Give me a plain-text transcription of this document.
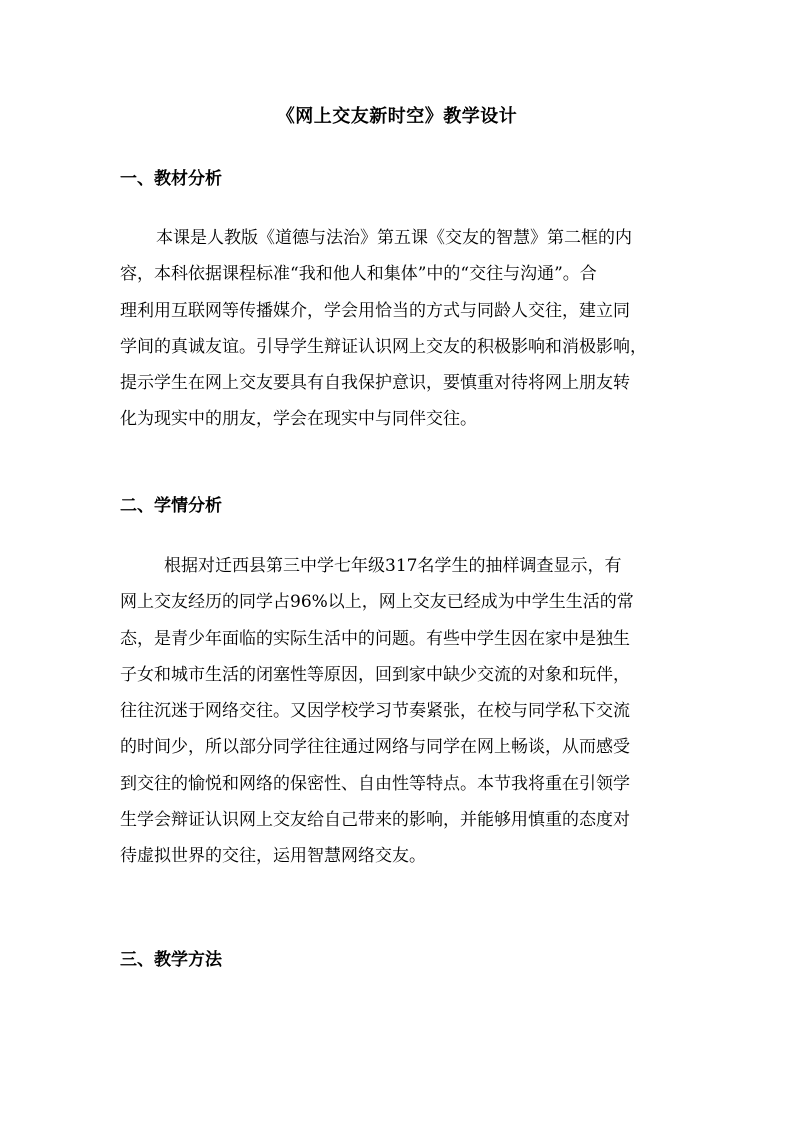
《网上交友新时空》教学设计
一、教材分析
本课是人教版《道德与法治》第五课《交友的智慧》第二框的内
容，本科依据课程标准“我和他人和集体”中的“交往与沟通”。合
理利用互联网等传播媒介，学会用恰当的方式与同龄人交往，建立同
学间的真诚友谊。引导学生辩证认识网上交友的积极影响和消极影响，
提示学生在网上交友要具有自我保护意识，要慎重对待将网上朋友转
化为现实中的朋友，学会在现实中与同伴交往。
二、学情分析
根据对迁西县第三中学七年级317名学生的抽样调查显示，有
网上交友经历的同学占96%以上，网上交友已经成为中学生生活的常
态，是青少年面临的实际生活中的问题。有些中学生因在家中是独生
子女和城市生活的闭塞性等原因，回到家中缺少交流的对象和玩伴，
往往沉迷于网络交往。又因学校学习节奏紧张，在校与同学私下交流
的时间少，所以部分同学往往通过网络与同学在网上畅谈，从而感受
到交往的愉悦和网络的保密性、自由性等特点。本节我将重在引领学
生学会辩证认识网上交友给自己带来的影响，并能够用慎重的态度对
待虚拟世界的交往，运用智慧网络交友。
三、教学方法
